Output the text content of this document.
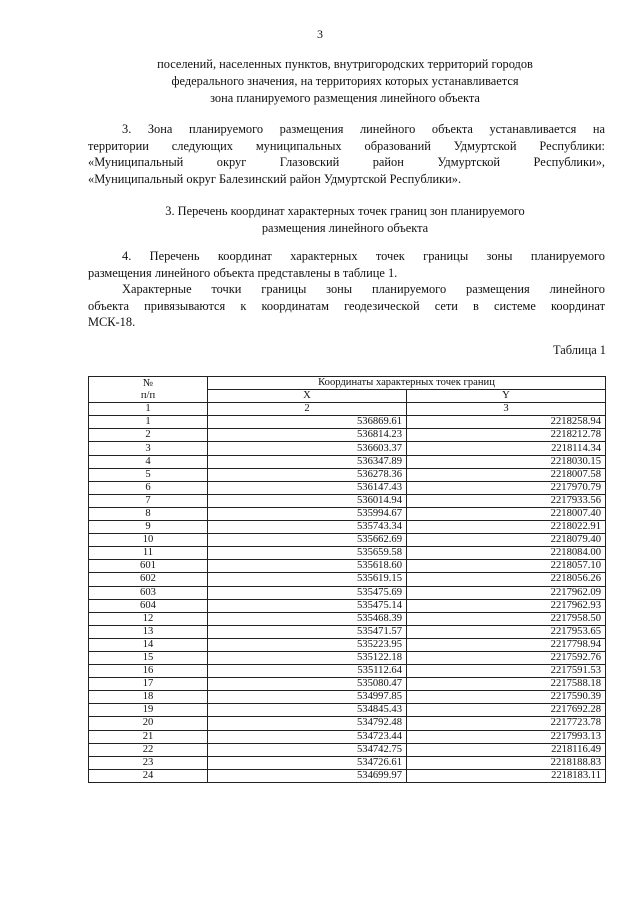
3
поселений, населенных пунктов, внутригородских территорий городов
федерального значения, на территориях которых устанавливается
зона планируемого размещения линейного объекта
3. Зона планируемого размещения линейного объекта устанавливается на
территории следующих муниципальных образований Удмуртской Республики:
«Муниципальный округ Глазовский район Удмуртской Республики»,
«Муниципальный округ Балезинский район Удмуртской Республики».
3. Перечень координат характерных точек границ зон планируемого
размещения линейного объекта
4. Перечень координат характерных точек границы зоны планируемого
размещения линейного объекта представлены в таблице 1.
Характерные точки границы зоны планируемого размещения линейного
объекта привязываются к координатам геодезической сети в системе координат
МСК-18.
Таблица 1
№
п/п	Координаты характерных точек границ	
	X	Y
1	2	3
1	536869.61	2218258.94
2	536814.23	2218212.78
3	536603.37	2218114.34
4	536347.89	2218030.15
5	536278.36	2218007.58
6	536147.43	2217970.79
7	536014.94	2217933.56
8	535994.67	2218007.40
9	535743.34	2218022.91
10	535662.69	2218079.40
11	535659.58	2218084.00
601	535618.60	2218057.10
602	535619.15	2218056.26
603	535475.69	2217962.09
604	535475.14	2217962.93
12	535468.39	2217958.50
13	535471.57	2217953.65
14	535223.95	2217798.94
15	535122.18	2217592.76
16	535112.64	2217591.53
17	535080.47	2217588.18
18	534997.85	2217590.39
19	534845.43	2217692.28
20	534792.48	2217723.78
21	534723.44	2217993.13
22	534742.75	2218116.49
23	534726.61	2218188.83
24	534699.97	2218183.11
